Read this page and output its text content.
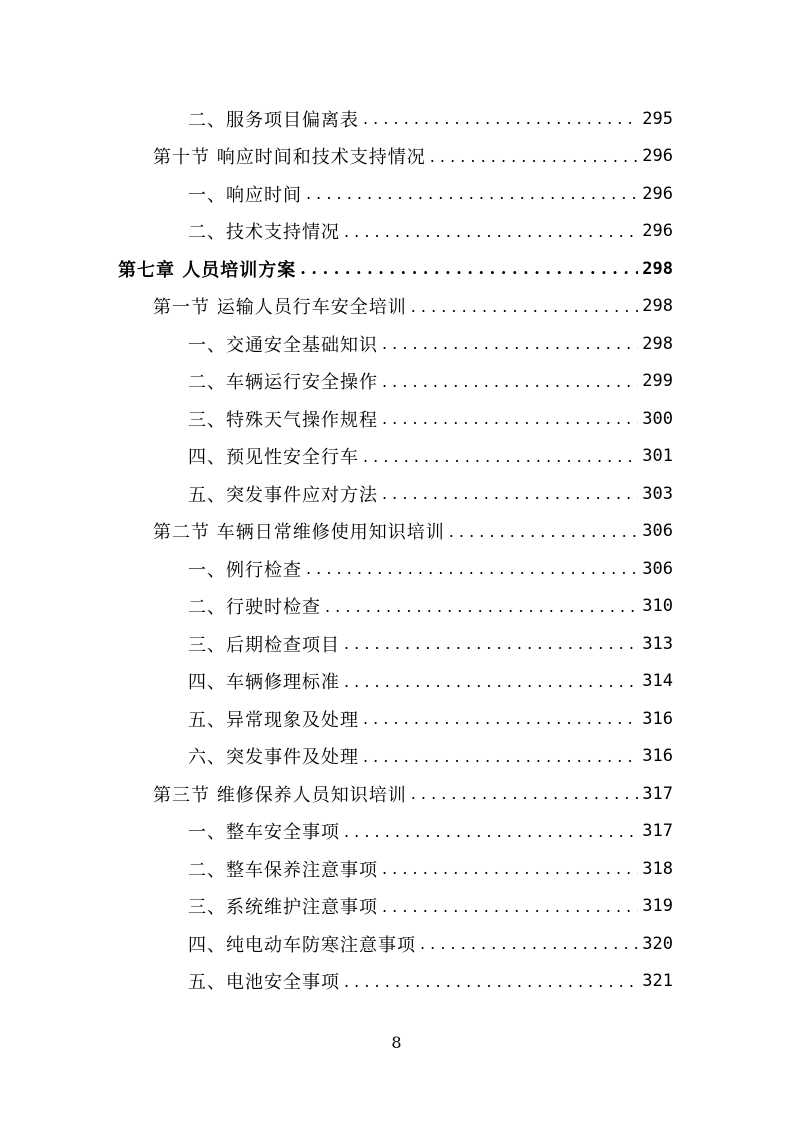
二、服务项目偏离表 . . .	295
第十节 响应时间和技术支持情况 . . .	296
一、响应时间 . . .	296
二、技术支持情况 . . .	296
第七章 人员培训方案 . . .	298
第一节 运输人员行车安全培训 . . .	298
一、交通安全基础知识 . . .	298
二、车辆运行安全操作 . . .	299
三、特殊天气操作规程 . . .	300
四、预见性安全行车 . . .	301
五、突发事件应对方法 . . .	303
第二节 车辆日常维修使用知识培训 . . .	306
一、例行检查 . . .	306
二、行驶时检查 . . .	310
三、后期检查项目 . . .	313
四、车辆修理标准 . . .	314
五、异常现象及处理 . . .	316
六、突发事件及处理 . . .	316
第三节 维修保养人员知识培训 . . .	317
一、整车安全事项 . . .	317
二、整车保养注意事项 . . .	318
三、系统维护注意事项 . . .	319
四、纯电动车防寒注意事项 . . .	320
五、电池安全事项 . . .	321
8
